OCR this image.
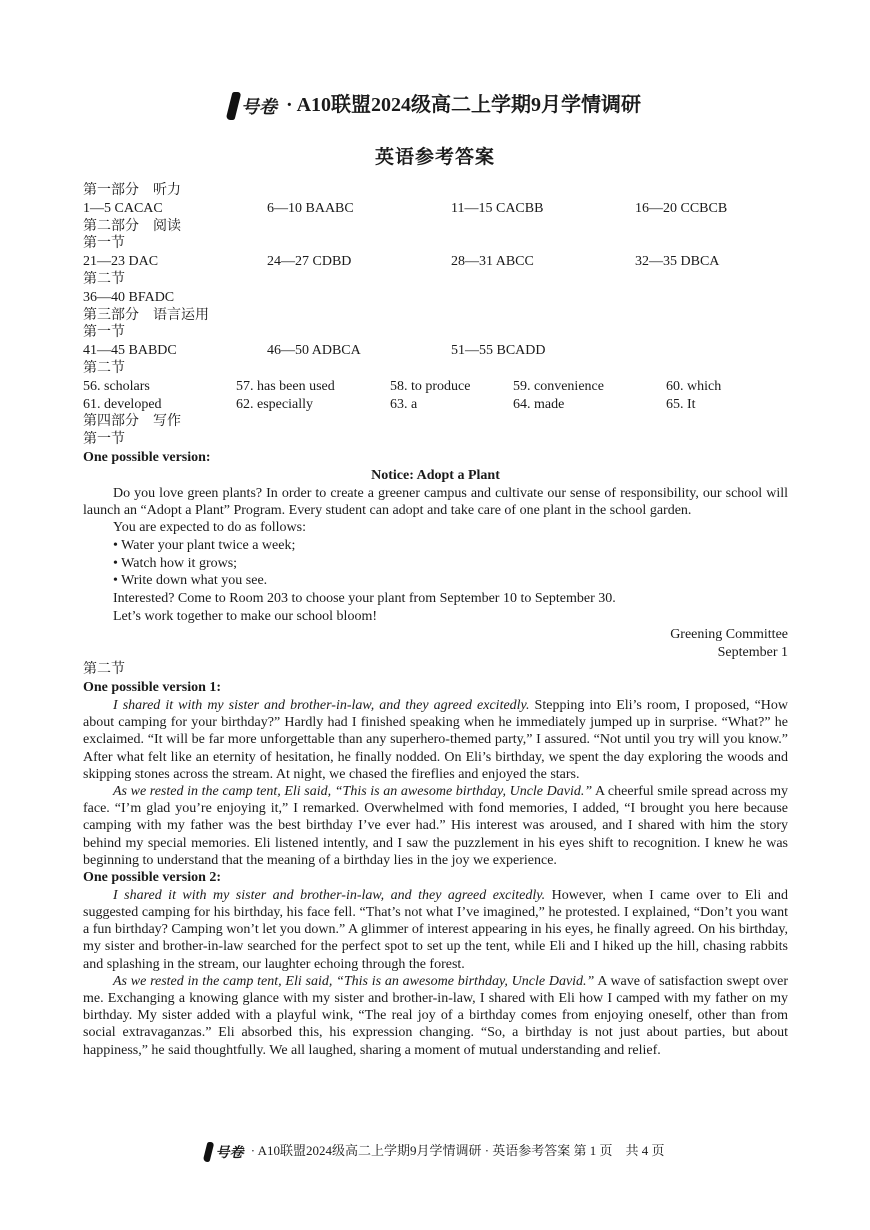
号卷 · A10联盟2024级高二上学期9月学情调研
英语参考答案
第一部分　听力
1—5 CACAC	6—10 BAABC	11—15 CACBB	16—20 CCBCB
第二部分　阅读
第一节
21—23 DAC	24—27 CDBD	28—31 ABCC	32—35 DBCA
第二节
36—40 BFADC
第三部分　语言运用
第一节
41—45 BABDC	46—50 ADBCA	51—55 BCADD
第二节
56. scholars	57. has been used	58. to produce	59. convenience	60. which
61. developed	62. especially	63. a	64. made	65. It
第四部分　写作
第一节
One possible version:
Notice: Adopt a Plant

Do you love green plants? In order to create a greener campus and cultivate our sense of responsibility, our school will launch an “Adopt a Plant” Program. Every student can adopt and take care of one plant in the school garden.

You are expected to do as follows:
• Water your plant twice a week;
• Watch how it grows;
• Write down what you see.
Interested? Come to Room 203 to choose your plant from September 10 to September 30.
Let’s work together to make our school bloom!
Greening Committee
September 1
第二节
One possible version 1:

I shared it with my sister and brother-in-law, and they agreed excitedly. Stepping into Eli’s room, I proposed, “How about camping for your birthday?” Hardly had I finished speaking when he immediately jumped up in surprise. “What?” he exclaimed. “It will be far more unforgettable than any superhero-themed party,” I assured. “Not until you try will you know.” After what felt like an eternity of hesitation, he finally nodded. On Eli’s birthday, we spent the day exploring the woods and skipping stones across the stream. At night, we chased the fireflies and enjoyed the stars.

As we rested in the camp tent, Eli said, “This is an awesome birthday, Uncle David.” A cheerful smile spread across my face. “I’m glad you’re enjoying it,” I remarked. Overwhelmed with fond memories, I added, “I brought you here because camping with my father was the best birthday I’ve ever had.” His interest was aroused, and I shared with him the story behind my special memories. Eli listened intently, and I saw the puzzlement in his eyes shift to recognition. I knew he was beginning to understand that the meaning of a birthday lies in the joy we experience.

One possible version 2:

I shared it with my sister and brother-in-law, and they agreed excitedly. However, when I came over to Eli and suggested camping for his birthday, his face fell. “That’s not what I’ve imagined,” he protested. I explained, “Don’t you want a fun birthday? Camping won’t let you down.” A glimmer of interest appearing in his eyes, he finally agreed. On his birthday, my sister and brother-in-law searched for the perfect spot to set up the tent, while Eli and I hiked up the hill, chasing rabbits and splashing in the stream, our laughter echoing through the forest.

As we rested in the camp tent, Eli said, “This is an awesome birthday, Uncle David.” A wave of satisfaction swept over me. Exchanging a knowing glance with my sister and brother-in-law, I shared with Eli how I camped with my father on my birthday. My sister added with a playful wink, “The real joy of a birthday comes from enjoying oneself, other than from social extravaganzas.” Eli absorbed this, his expression changing. “So, a birthday is not just about parties, but about happiness,” he said thoughtfully. We all laughed, sharing a moment of mutual understanding and relief.

号卷 · A10联盟2024级高二上学期9月学情调研 · 英语参考答案 第 1 页　共 4 页
